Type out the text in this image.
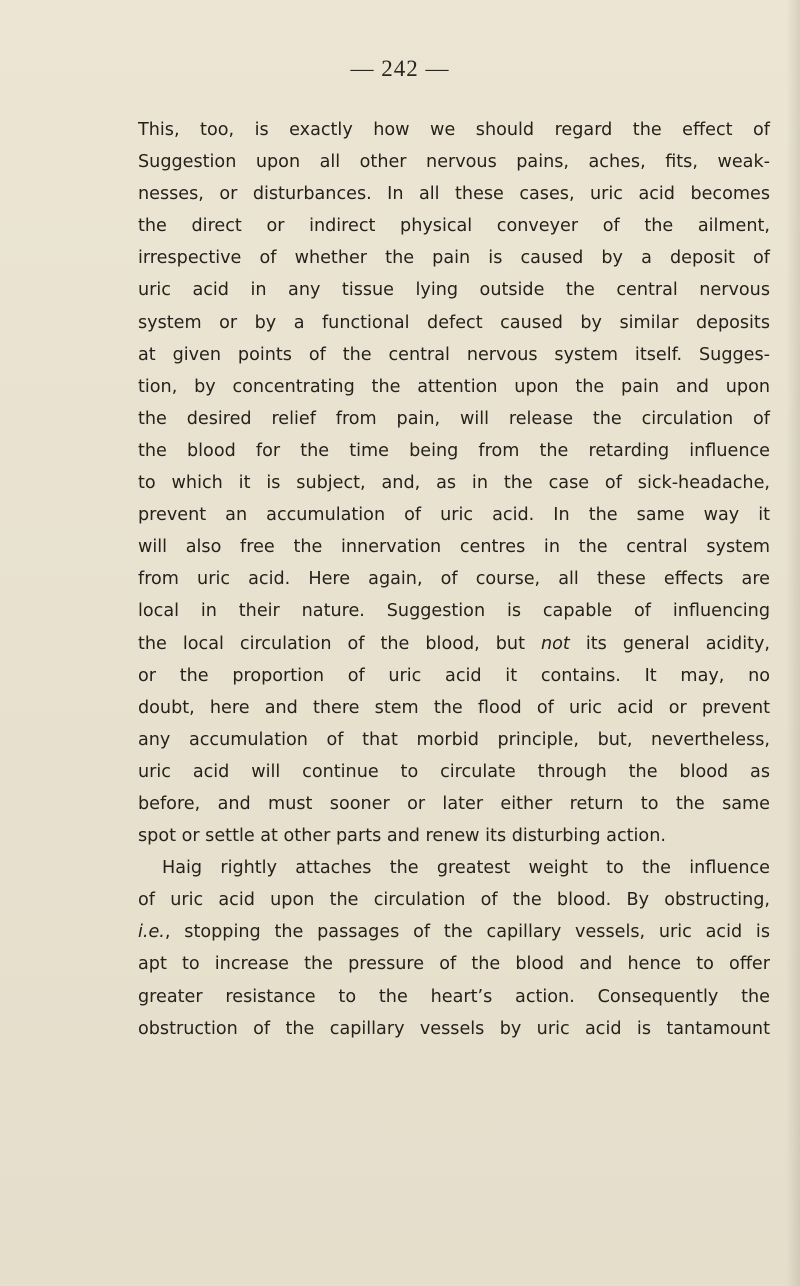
— 242 —
This, too, is exactly how we should regard the effect of
Suggestion upon all other nervous pains, aches, fits, weak-
nesses, or disturbances. In all these cases, uric acid becomes
the direct or indirect physical conveyer of the ailment,
irrespective of whether the pain is caused by a deposit of
uric acid in any tissue lying outside the central nervous
system or by a functional defect caused by similar deposits
at given points of the central nervous system itself. Sugges-
tion, by concentrating the attention upon the pain and upon
the desired relief from pain, will release the circulation of
the blood for the time being from the retarding influence
to which it is subject, and, as in the case of sick-headache,
prevent an accumulation of uric acid. In the same way it
will also free the innervation centres in the central system
from uric acid. Here again, of course, all these effects are
local in their nature. Suggestion is capable of influencing
the local circulation of the blood, but not its general acidity,
or the proportion of uric acid it contains. It may, no
doubt, here and there stem the flood of uric acid or prevent
any accumulation of that morbid principle, but, nevertheless,
uric acid will continue to circulate through the blood as
before, and must sooner or later either return to the same
spot or settle at other parts and renew its disturbing action.
Haig rightly attaches the greatest weight to the influence
of uric acid upon the circulation of the blood. By obstructing,
i.e., stopping the passages of the capillary vessels, uric acid is
apt to increase the pressure of the blood and hence to offer
greater resistance to the heart’s action. Consequently the
obstruction of the capillary vessels by uric acid is tantamount
